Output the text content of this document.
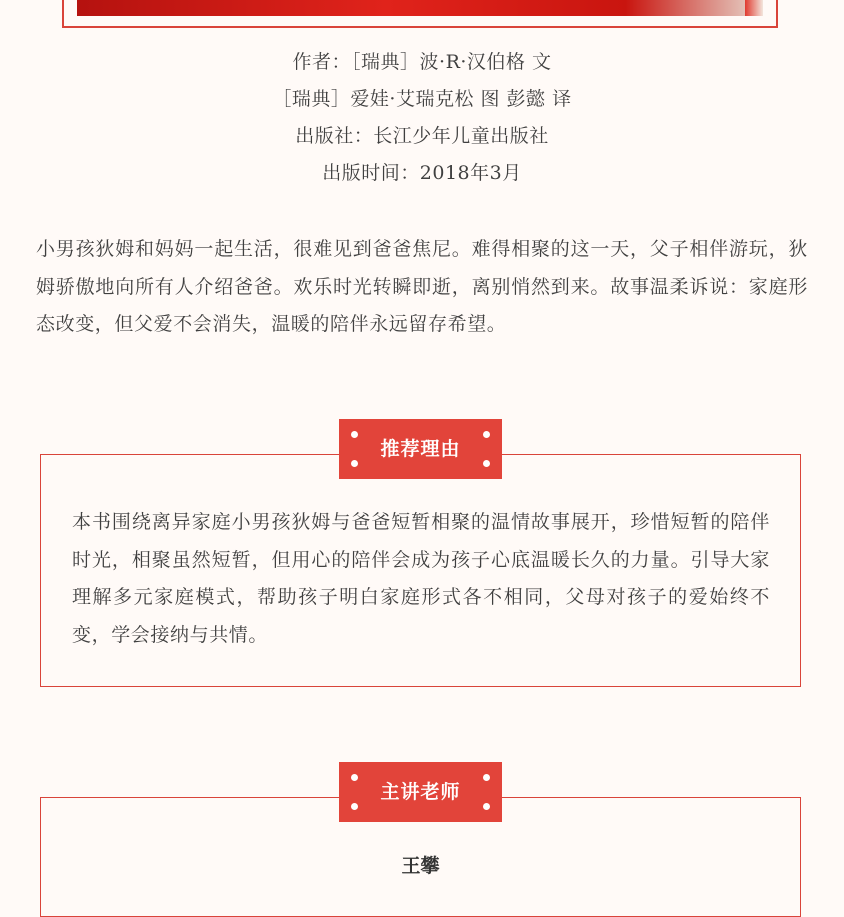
作者：［瑞典］波·R·汉伯格 文

［瑞典］爱娃·艾瑞克松 图 彭懿 译

出版社：长江少年儿童出版社

出版时间：2018年3月

小男孩狄姆和妈妈一起生活，很难见到爸爸焦尼。难得相聚的这一天，父子相伴游玩，狄姆骄傲地向所有人介绍爸爸。欢乐时光转瞬即逝，离别悄然到来。故事温柔诉说：家庭形态改变，但父爱不会消失，温暖的陪伴永远留存希望。

本书围绕离异家庭小男孩狄姆与爸爸短暂相聚的温情故事展开，珍惜短暂的陪伴时光，相聚虽然短暂，但用心的陪伴会成为孩子心底温暖长久的力量。引导大家理解多元家庭模式，帮助孩子明白家庭形式各不相同，父母对孩子的爱始终不变，学会接纳与共情。

推荐理由
王攀
主讲老师
